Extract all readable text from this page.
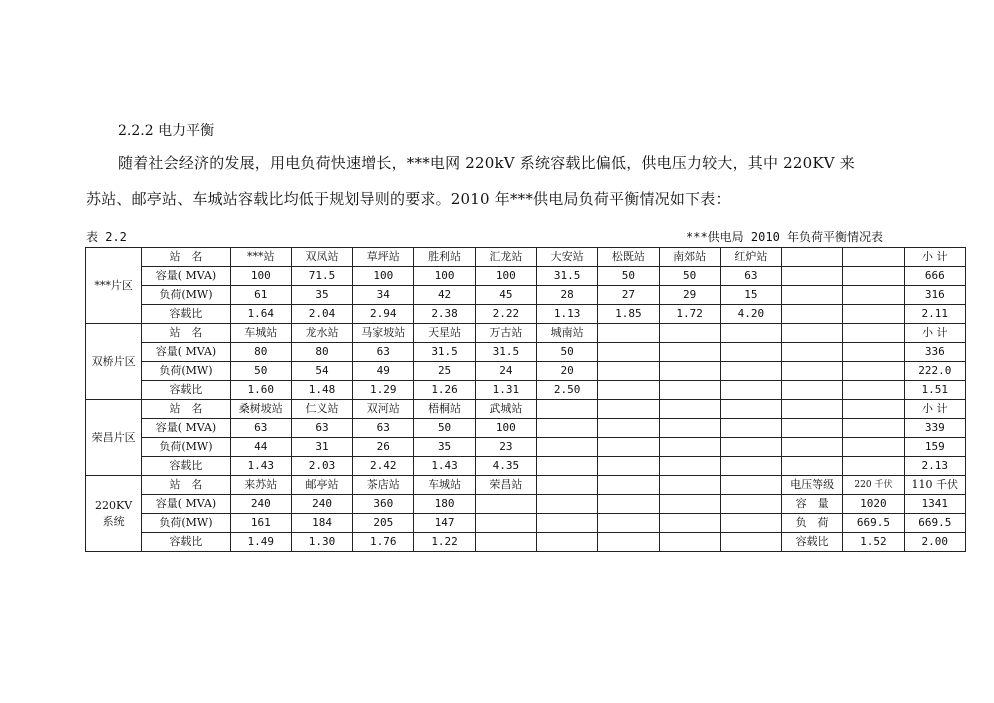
2.2.2 电力平衡
随着社会经济的发展，用电负荷快速增长，***电网 220kV 系统容载比偏低，供电压力较大，其中 220KV 来
苏站、邮亭站、车城站容载比均低于规划导则的要求。2010 年***供电局负荷平衡情况如下表：
表 2.2	***供电局 2010 年负荷平衡情况表
***片区	站　名	***站	双凤站	草坪站	胜利站	汇龙站	大安站	松既站	南郊站	红炉站			小 计
	容量( MVA)	100	71.5	100	100	100	31.5	50	50	63			666
	负荷(MW)	61	35	34	42	45	28	27	29	15			316
	容载比	1.64	2.04	2.94	2.38	2.22	1.13	1.85	1.72	4.20			2.11
双桥片区	站　名	车城站	龙水站	马家坡站	天星站	万古站	城南站						小 计
	容量( MVA)	80	80	63	31.5	31.5	50						336
	负荷(MW)	50	54	49	25	24	20						222.0
	容载比	1.60	1.48	1.29	1.26	1.31	2.50						1.51
荣昌片区	站　名	桑树坡站	仁义站	双河站	梧桐站	武城站							小 计
	容量( MVA)	63	63	63	50	100							339
	负荷(MW)	44	31	26	35	23							159
	容载比	1.43	2.03	2.42	1.43	4.35							2.13
220KV 系统	站　名	来苏站	邮亭站	茶店站	车城站	荣昌站					电压等级	220 千伏	110 千伏
	容量( MVA)	240	240	360	180						容　量	1020	1341
	负荷(MW)	161	184	205	147						负　荷	669.5	669.5
	容载比	1.49	1.30	1.76	1.22						容载比	1.52	2.00
